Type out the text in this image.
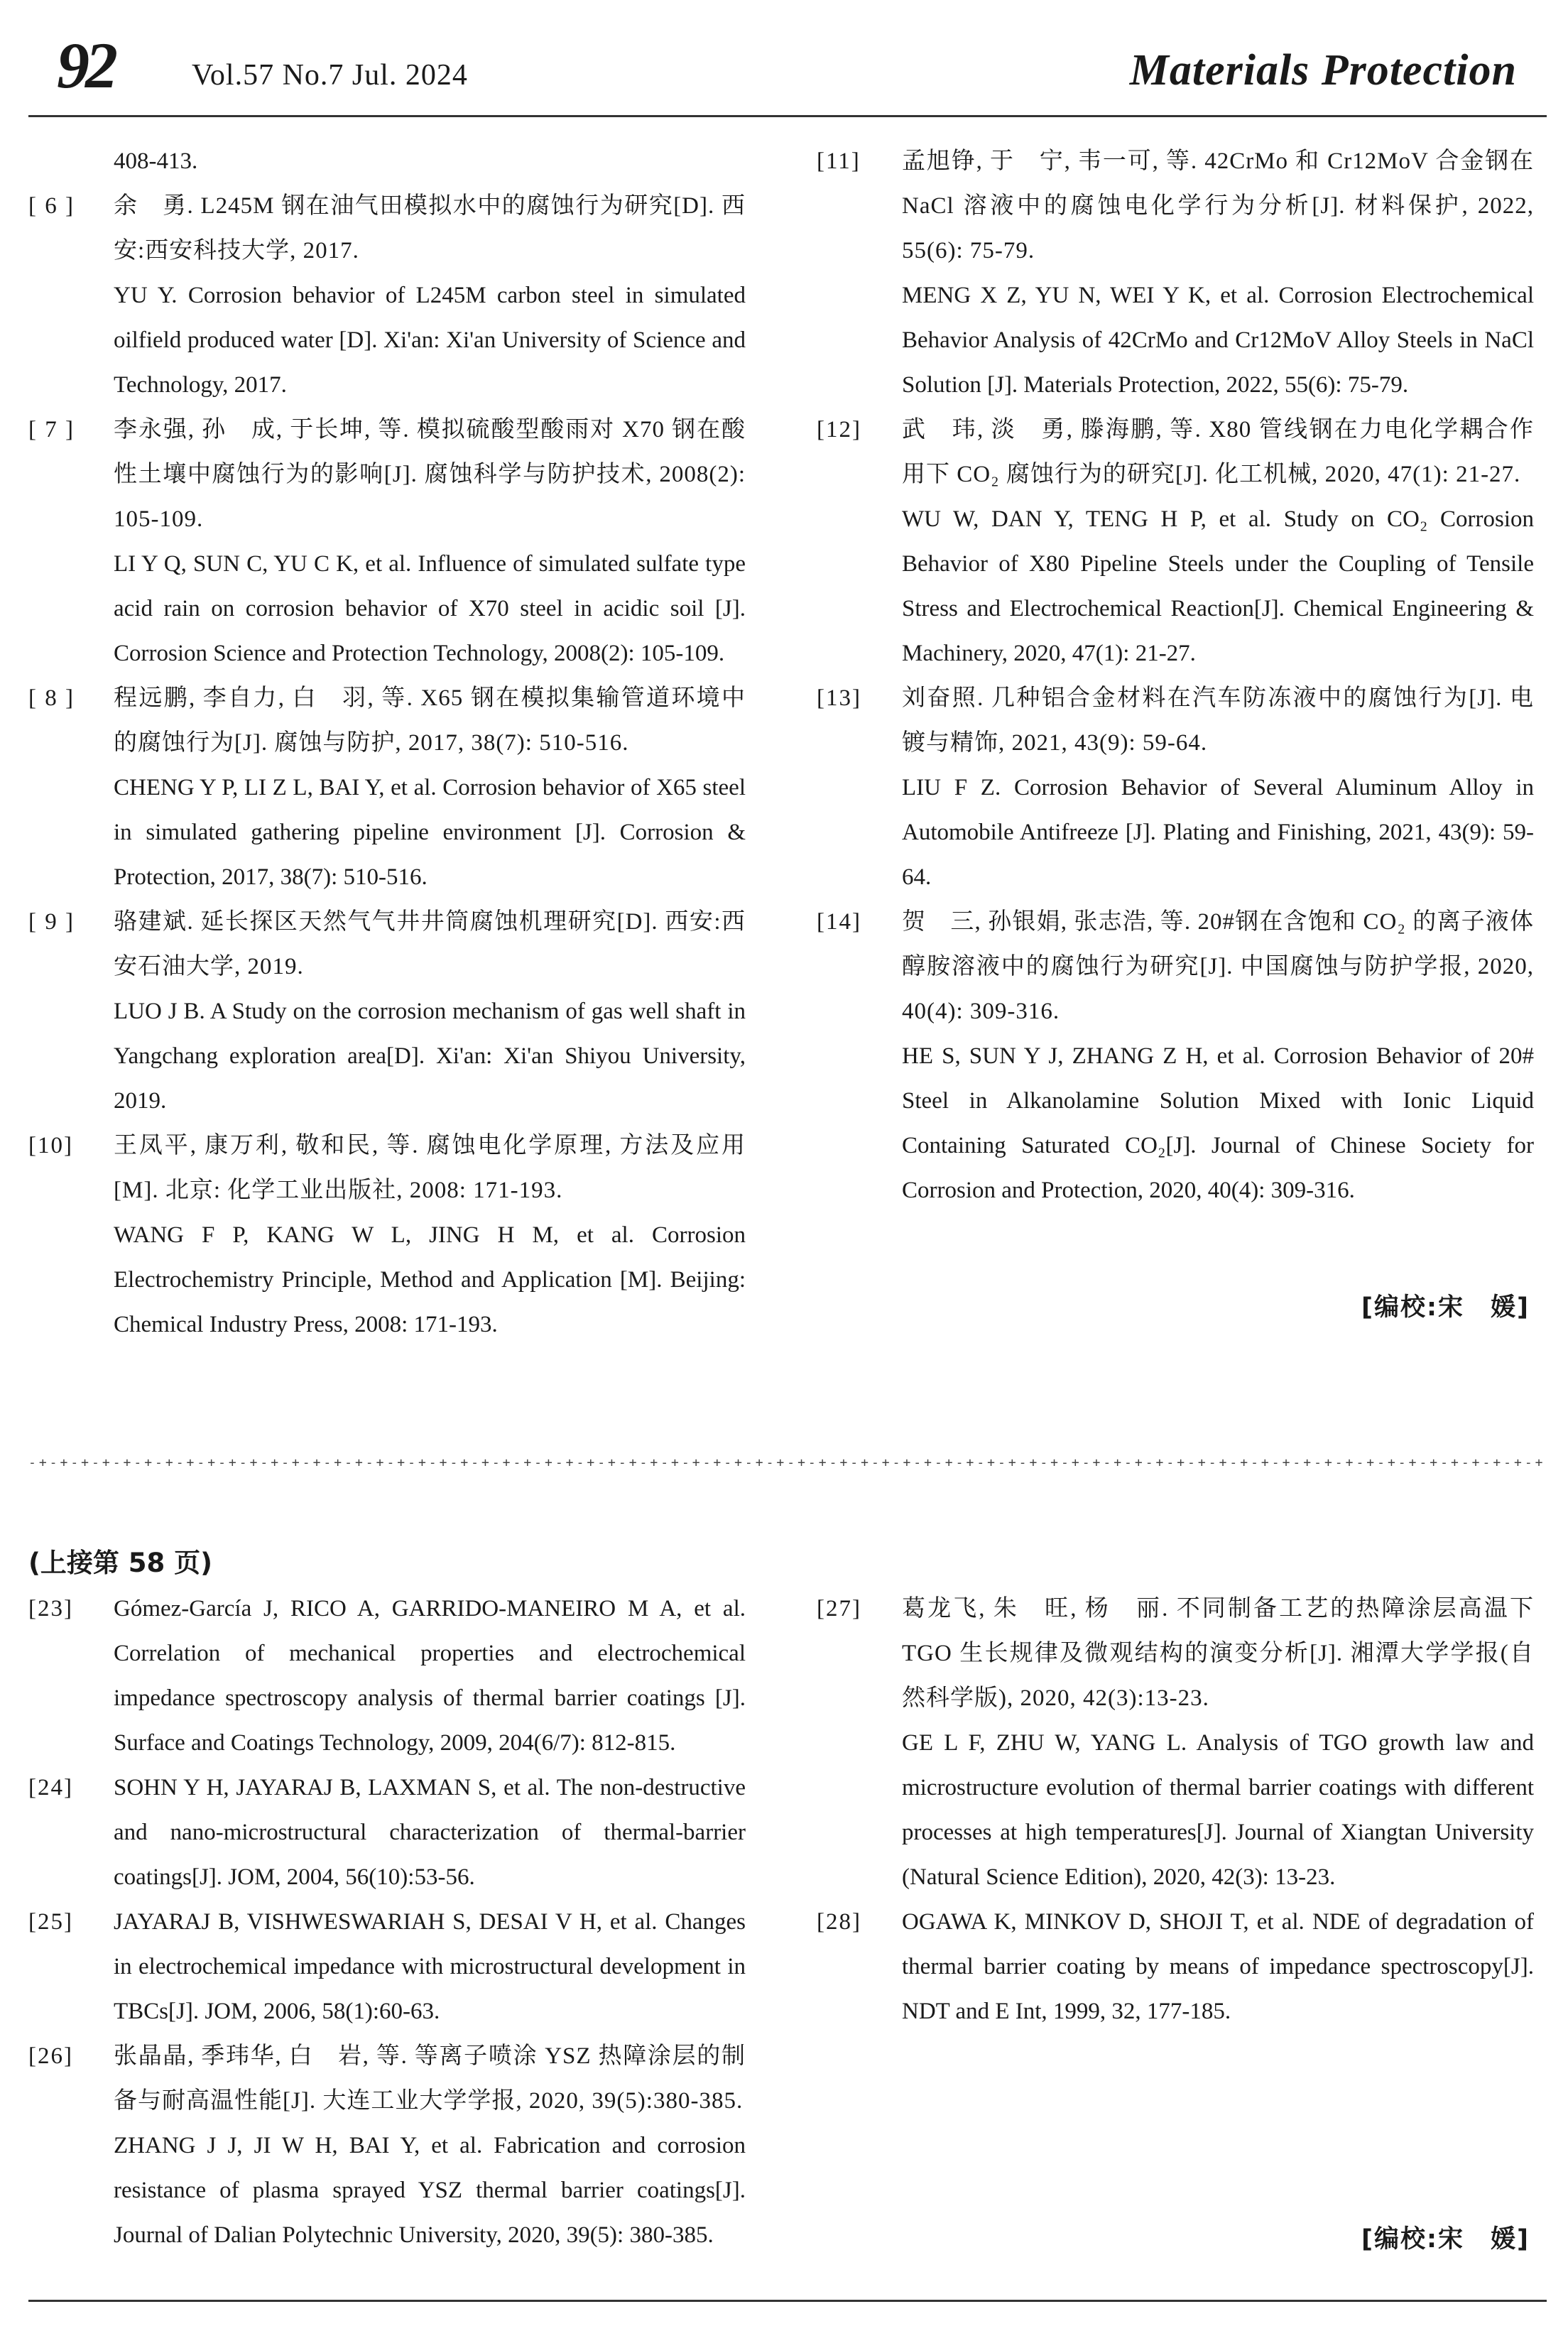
92	Vol.57 No.7 Jul. 2024	Materials Protection
408-413.
[ 6 ]	余　勇. L245M 钢在油气田模拟水中的腐蚀行为研究[D]. 西安:西安科技大学, 2017.
YU Y. Corrosion behavior of L245M carbon steel in simulated oilfield produced water [D]. Xi'an: Xi'an University of Science and Technology, 2017.
[ 7 ]	李永强, 孙　成, 于长坤, 等. 模拟硫酸型酸雨对 X70 钢在酸性土壤中腐蚀行为的影响[J]. 腐蚀科学与防护技术, 2008(2): 105-109.
LI Y Q, SUN C, YU C K, et al. Influence of simulated sulfate type acid rain on corrosion behavior of X70 steel in acidic soil [J]. Corrosion Science and Protection Technology, 2008(2): 105-109.
[ 8 ]	程远鹏, 李自力, 白　羽, 等. X65 钢在模拟集输管道环境中的腐蚀行为[J]. 腐蚀与防护, 2017, 38(7): 510-516.
CHENG Y P, LI Z L, BAI Y, et al. Corrosion behavior of X65 steel in simulated gathering pipeline environment [J]. Corrosion & Protection, 2017, 38(7): 510-516.
[ 9 ]	骆建斌. 延长探区天然气气井井筒腐蚀机理研究[D]. 西安:西安石油大学, 2019.
LUO J B. A Study on the corrosion mechanism of gas well shaft in Yangchang exploration area[D]. Xi'an: Xi'an Shiyou University, 2019.
[10]	王凤平, 康万利, 敬和民, 等. 腐蚀电化学原理, 方法及应用[M]. 北京: 化学工业出版社, 2008: 171-193.
WANG F P, KANG W L, JING H M, et al. Corrosion Electrochemistry Principle, Method and Application [M]. Beijing: Chemical Industry Press, 2008: 171-193.
[11]	孟旭铮, 于　宁, 韦一可, 等. 42CrMo 和 Cr12MoV 合金钢在 NaCl 溶液中的腐蚀电化学行为分析[J]. 材料保护, 2022, 55(6): 75-79.
MENG X Z, YU N, WEI Y K, et al. Corrosion Electrochemical Behavior Analysis of 42CrMo and Cr12MoV Alloy Steels in NaCl Solution [J]. Materials Protection, 2022, 55(6): 75-79.
[12]	武　玮, 淡　勇, 滕海鹏, 等. X80 管线钢在力电化学耦合作用下 CO₂ 腐蚀行为的研究[J]. 化工机械, 2020, 47(1): 21-27.
WU W, DAN Y, TENG H P, et al. Study on CO₂ Corrosion Behavior of X80 Pipeline Steels under the Coupling of Tensile Stress and Electrochemical Reaction[J]. Chemical Engineering & Machinery, 2020, 47(1): 21-27.
[13]	刘奋照. 几种铝合金材料在汽车防冻液中的腐蚀行为[J]. 电镀与精饰, 2021, 43(9): 59-64.
LIU F Z. Corrosion Behavior of Several Aluminum Alloy in Automobile Antifreeze [J]. Plating and Finishing, 2021, 43(9): 59-64.
[14]	贺　三, 孙银娟, 张志浩, 等. 20#钢在含饱和 CO₂ 的离子液体醇胺溶液中的腐蚀行为研究[J]. 中国腐蚀与防护学报, 2020, 40(4): 309-316.
HE S, SUN Y J, ZHANG Z H, et al. Corrosion Behavior of 20# Steel in Alkanolamine Solution Mixed with Ionic Liquid Containing Saturated CO₂[J]. Journal of Chinese Society for Corrosion and Protection, 2020, 40(4): 309-316.
[编校:宋　媛]
-+-+-+-+-+-+-+-+-+-+-+-+-+-+-+-+-+-+-+-+-+-+-+-+-+-+-+-+-+-+-+-+-+-+-+-+-+-+-+-+-+-+-+-+-+-+-+-+-+-+-+-+-+-+-+-+-+-+-+-+-+-+-+-+-+-+-+-+-+-+-+-+-+-+-+-+-+-+-+-+-+-+-+-+-+-+-+-+-+-+-+-+-+-+-+-+-+-+-+-+-+-+-+-+-+-+-+-+-+-+-+-+-+-+-+-+-+-+-+-+-+-+-+-+-+-+-+-+-+-+-+-+-+-
(上接第 58 页)
[23]	Gómez-García J, RICO A, GARRIDO-MANEIRO M A, et al. Correlation of mechanical properties and electrochemical impedance spectroscopy analysis of thermal barrier coatings [J]. Surface and Coatings Technology, 2009, 204(6/7): 812-815.
[24]	SOHN Y H, JAYARAJ B, LAXMAN S, et al. The non-destructive and nano-microstructural characterization of thermal-barrier coatings[J]. JOM, 2004, 56(10):53-56.
[25]	JAYARAJ B, VISHWESWARIAH S, DESAI V H, et al. Changes in electrochemical impedance with microstructural development in TBCs[J]. JOM, 2006, 58(1):60-63.
[26]	张晶晶, 季玮华, 白　岩, 等. 等离子喷涂 YSZ 热障涂层的制备与耐高温性能[J]. 大连工业大学学报, 2020, 39(5):380-385.
ZHANG J J, JI W H, BAI Y, et al. Fabrication and corrosion resistance of plasma sprayed YSZ thermal barrier coatings[J]. Journal of Dalian Polytechnic University, 2020, 39(5): 380-385.
[27]	葛龙飞, 朱　旺, 杨　丽. 不同制备工艺的热障涂层高温下 TGO 生长规律及微观结构的演变分析[J]. 湘潭大学学报(自然科学版), 2020, 42(3):13-23.
GE L F, ZHU W, YANG L. Analysis of TGO growth law and microstructure evolution of thermal barrier coatings with different processes at high temperatures[J]. Journal of Xiangtan University (Natural Science Edition), 2020, 42(3): 13-23.
[28]	OGAWA K, MINKOV D, SHOJI T, et al. NDE of degradation of thermal barrier coating by means of impedance spectroscopy[J]. NDT and E Int, 1999, 32, 177-185.
[编校:宋　媛]
